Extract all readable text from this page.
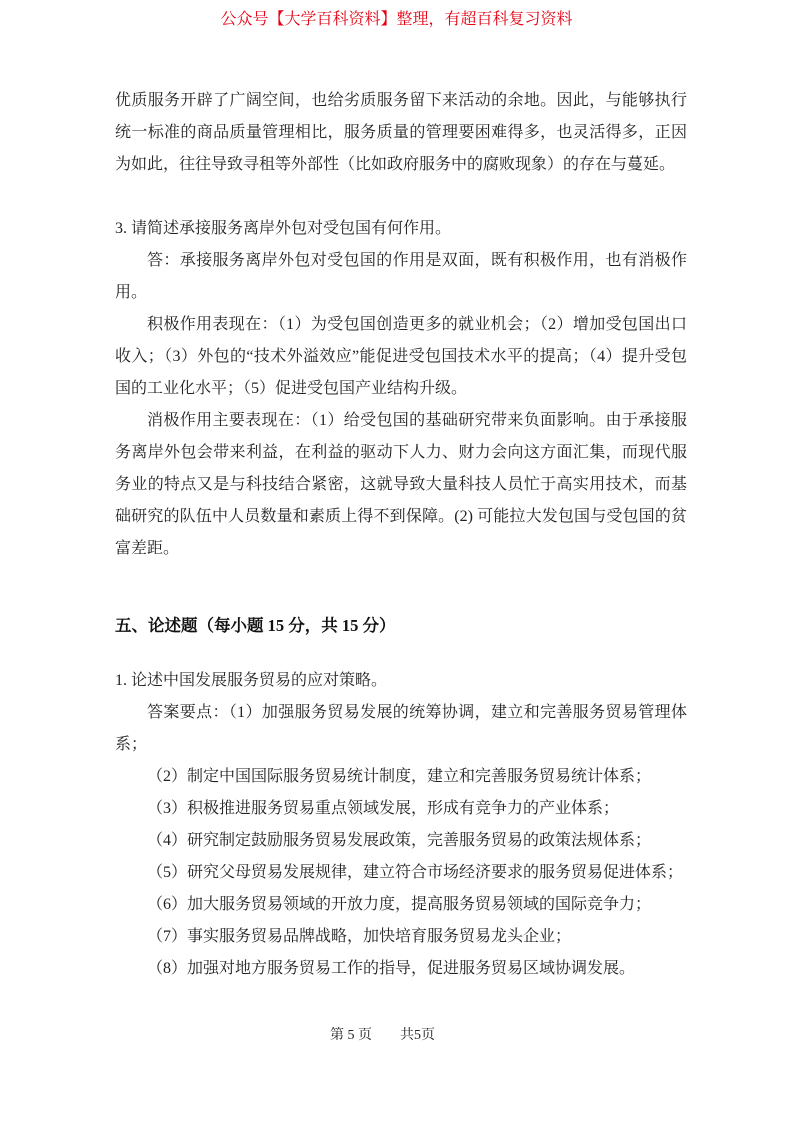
公众号【大学百科资料】整理，有超百科复习资料

优质服务开辟了广阔空间，也给劣质服务留下来活动的余地。因此，与能够执行统一标准的商品质量管理相比，服务质量的管理要困难得多，也灵活得多，正因为如此，往往导致寻租等外部性（比如政府服务中的腐败现象）的存在与蔓延。

3. 请简述承接服务离岸外包对受包国有何作用。

答：承接服务离岸外包对受包国的作用是双面，既有积极作用，也有消极作用。

积极作用表现在：（1）为受包国创造更多的就业机会；（2）增加受包国出口收入；（3）外包的“技术外溢效应”能促进受包国技术水平的提高；（4）提升受包国的工业化水平；（5）促进受包国产业结构升级。

消极作用主要表现在：（1）给受包国的基础研究带来负面影响。由于承接服务离岸外包会带来利益，在利益的驱动下人力、财力会向这方面汇集，而现代服务业的特点又是与科技结合紧密，这就导致大量科技人员忙于高实用技术，而基础研究的队伍中人员数量和素质上得不到保障。(2) 可能拉大发包国与受包国的贫富差距。

五、论述题（每小题 15 分，共 15 分）

1. 论述中国发展服务贸易的应对策略。

答案要点：（1）加强服务贸易发展的统筹协调，建立和完善服务贸易管理体系；

（2）制定中国国际服务贸易统计制度，建立和完善服务贸易统计体系；

（3）积极推进服务贸易重点领域发展，形成有竞争力的产业体系；

（4）研究制定鼓励服务贸易发展政策，完善服务贸易的政策法规体系；

（5）研究父母贸易发展规律，建立符合市场经济要求的服务贸易促进体系；

（6）加大服务贸易领域的开放力度，提高服务贸易领域的国际竞争力；

（7）事实服务贸易品牌战略，加快培育服务贸易龙头企业；

（8）加强对地方服务贸易工作的指导，促进服务贸易区域协调发展。

第 5 页 共5页
